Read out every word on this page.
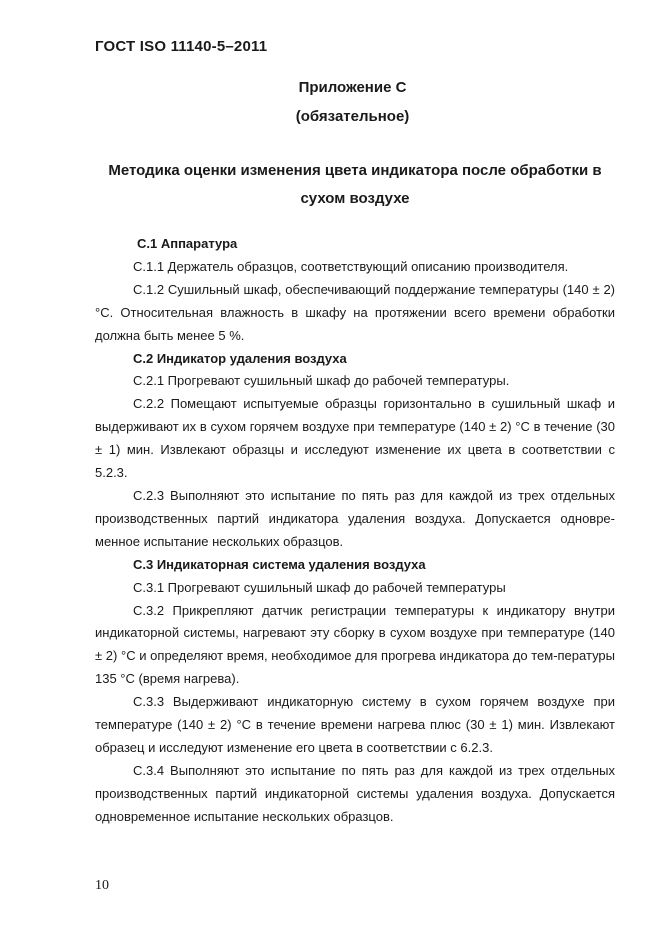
ГОСТ ISO 11140-5–2011
Приложение С
(обязательное)
Методика оценки изменения цвета индикатора после обработки в сухом воздухе

С.1 Аппаратура

С.1.1 Держатель образцов, соответствующий описанию производителя.

С.1.2 Сушильный шкаф, обеспечивающий поддержание температуры (140 ± 2) °С. Относительная влажность в шкафу на протяжении всего времени обработки должна быть менее 5 %.

С.2 Индикатор удаления воздуха

С.2.1 Прогревают сушильный шкаф до рабочей температуры.

С.2.2 Помещают испытуемые образцы горизонтально в сушильный шкаф и выдерживают их в сухом горячем воздухе при температуре (140 ± 2) °С в течение (30 ± 1) мин. Извлекают образцы и исследуют изменение их цвета в соответствии с 5.2.3.

С.2.3 Выполняют это испытание по пять раз для каждой из трех отдельных производственных партий индикатора удаления воздуха. Допускается одновре-менное испытание нескольких образцов.

С.3 Индикаторная система удаления воздуха

С.3.1 Прогревают сушильный шкаф до рабочей температуры

С.3.2 Прикрепляют датчик регистрации температуры к индикатору внутри индикаторной системы, нагревают эту сборку в сухом воздухе при температуре (140 ± 2) °С и определяют время, необходимое для прогрева индикатора до тем-пературы 135 °С (время нагрева).

С.3.3 Выдерживают индикаторную систему в сухом горячем воздухе при температуре (140 ± 2) °С в течение времени нагрева плюс (30 ± 1) мин. Извлекают образец и исследуют изменение его цвета в соответствии с 6.2.3.

С.3.4 Выполняют это испытание по пять раз для каждой из трех отдельных производственных партий индикаторной системы удаления воздуха. Допускается одновременное испытание нескольких образцов.

10
